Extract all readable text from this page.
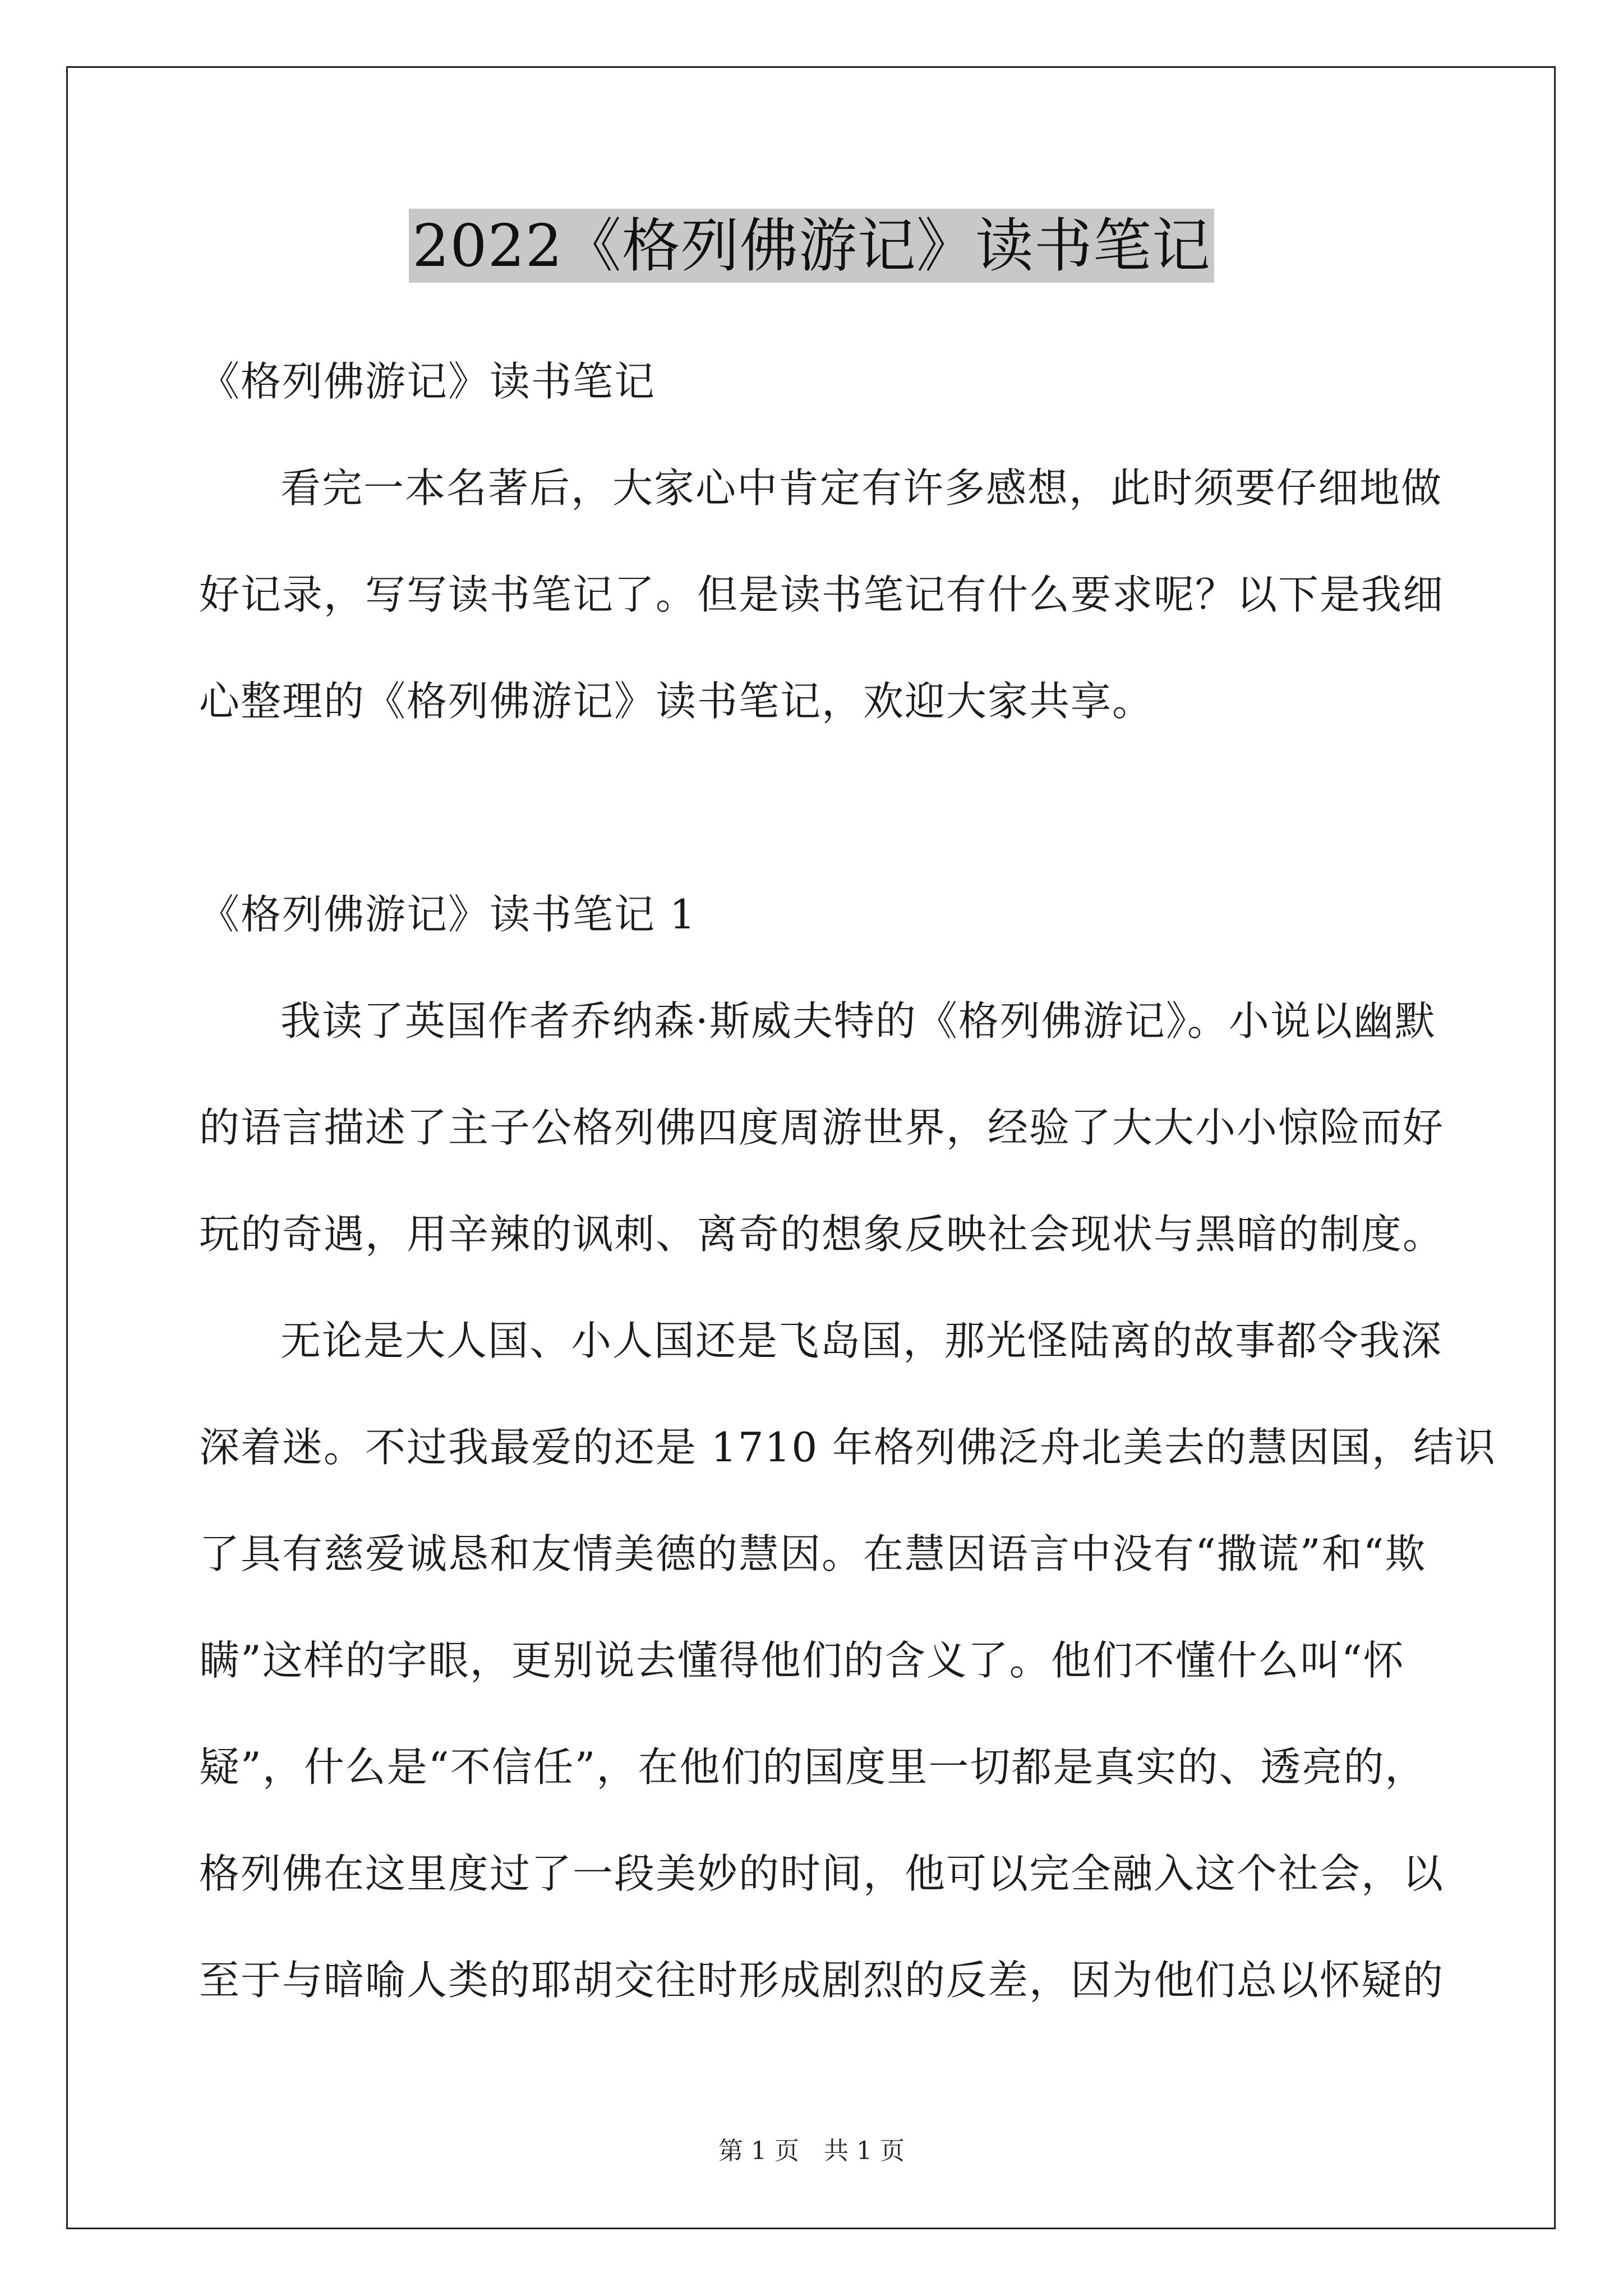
2022《格列佛游记》读书笔记

《格列佛游记》读书笔记

看完一本名著后，大家心中肯定有许多感想，此时须要仔细地做

好记录，写写读书笔记了。但是读书笔记有什么要求呢？以下是我细

心整理的《格列佛游记》读书笔记，欢迎大家共享。

《格列佛游记》读书笔记 1

我读了英国作者乔纳森·斯威夫特的《格列佛游记》。小说以幽默

的语言描述了主子公格列佛四度周游世界，经验了大大小小惊险而好

玩的奇遇，用辛辣的讽刺、离奇的想象反映社会现状与黑暗的制度。

无论是大人国、小人国还是飞岛国，那光怪陆离的故事都令我深

深着迷。不过我最爱的还是 1710 年格列佛泛舟北美去的慧因国，结识

了具有慈爱诚恳和友情美德的慧因。在慧因语言中没有“撒谎”和“欺

瞒”这样的字眼，更别说去懂得他们的含义了。他们不懂什么叫“怀

疑”，什么是“不信任”，在他们的国度里一切都是真实的、透亮的，

格列佛在这里度过了一段美妙的时间，他可以完全融入这个社会，以

至于与暗喻人类的耶胡交往时形成剧烈的反差，因为他们总以怀疑的

第 1 页　共 1 页
